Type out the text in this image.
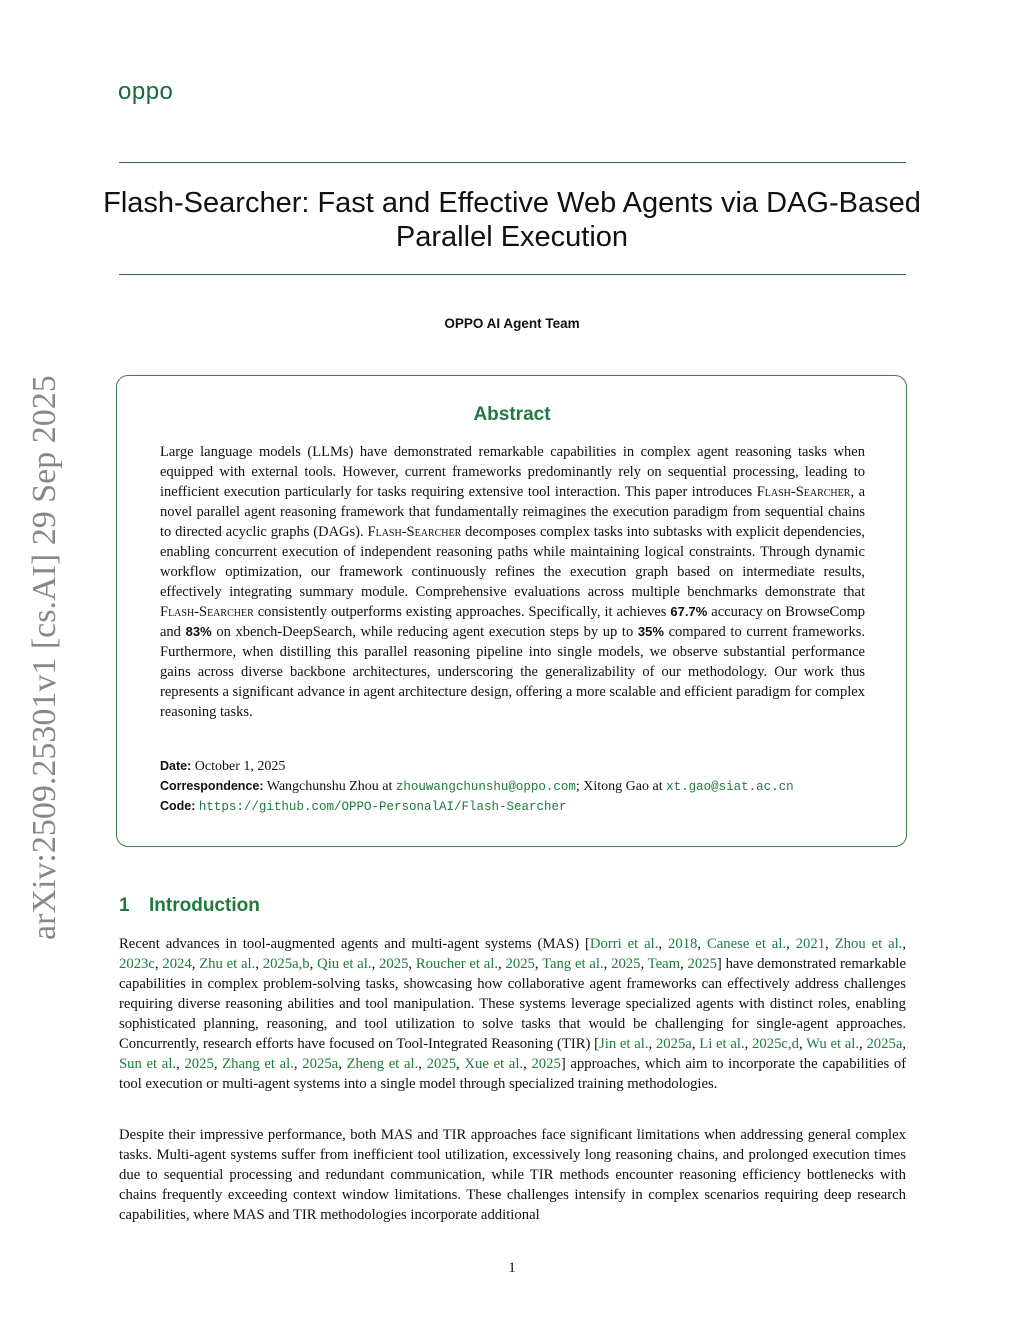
oppo
arXiv:2509.25301v1 [cs.AI] 29 Sep 2025
Flash-Searcher: Fast and Effective Web Agents via DAG-Based
Parallel Execution
OPPO AI Agent Team
Abstract
Large language models (LLMs) have demonstrated remarkable capabilities in complex agent reasoning tasks when equipped with external tools. However, current frameworks predominantly rely on sequential processing, leading to inefficient execution particularly for tasks requiring extensive tool interaction. This paper introduces Flash-Searcher, a novel parallel agent reasoning framework that fundamentally reimagines the execution paradigm from sequential chains to directed acyclic graphs (DAGs). Flash-Searcher decomposes complex tasks into subtasks with explicit dependencies, enabling concurrent execution of independent reasoning paths while maintaining logical constraints. Through dynamic workflow optimization, our framework continuously refines the execution graph based on intermediate results, effectively integrating summary module. Comprehensive evaluations across multiple benchmarks demonstrate that Flash-Searcher consistently outperforms existing approaches. Specifically, it achieves 67.7% accuracy on BrowseComp and 83% on xbench-DeepSearch, while reducing agent execution steps by up to 35% compared to current frameworks. Furthermore, when distilling this parallel reasoning pipeline into single models, we observe substantial performance gains across diverse backbone architectures, underscoring the generalizability of our methodology. Our work thus represents a significant advance in agent architecture design, offering a more scalable and efficient paradigm for complex reasoning tasks.
Date: October 1, 2025
Correspondence: Wangchunshu Zhou at zhouwangchunshu@oppo.com; Xitong Gao at xt.gao@siat.ac.cn
Code: https://github.com/OPPO-PersonalAI/Flash-Searcher
1 Introduction
Recent advances in tool-augmented agents and multi-agent systems (MAS) [Dorri et al., 2018, Canese et al., 2021, Zhou et al., 2023c, 2024, Zhu et al., 2025a,b, Qiu et al., 2025, Roucher et al., 2025, Tang et al., 2025, Team, 2025] have demonstrated remarkable capabilities in complex problem-solving tasks, showcasing how collaborative agent frameworks can effectively address challenges requiring diverse reasoning abilities and tool manipulation. These systems leverage specialized agents with distinct roles, enabling sophisticated planning, reasoning, and tool utilization to solve tasks that would be challenging for single-agent approaches. Concurrently, research efforts have focused on Tool-Integrated Reasoning (TIR) [Jin et al., 2025a, Li et al., 2025c,d, Wu et al., 2025a, Sun et al., 2025, Zhang et al., 2025a, Zheng et al., 2025, Xue et al., 2025] approaches, which aim to incorporate the capabilities of tool execution or multi-agent systems into a single model through specialized training methodologies.
Despite their impressive performance, both MAS and TIR approaches face significant limitations when addressing general complex tasks. Multi-agent systems suffer from inefficient tool utilization, excessively long reasoning chains, and prolonged execution times due to sequential processing and redundant communication, while TIR methods encounter reasoning efficiency bottlenecks with chains frequently exceeding context window limitations. These challenges intensify in complex scenarios requiring deep research capabilities, where MAS and TIR methodologies incorporate additional
1
